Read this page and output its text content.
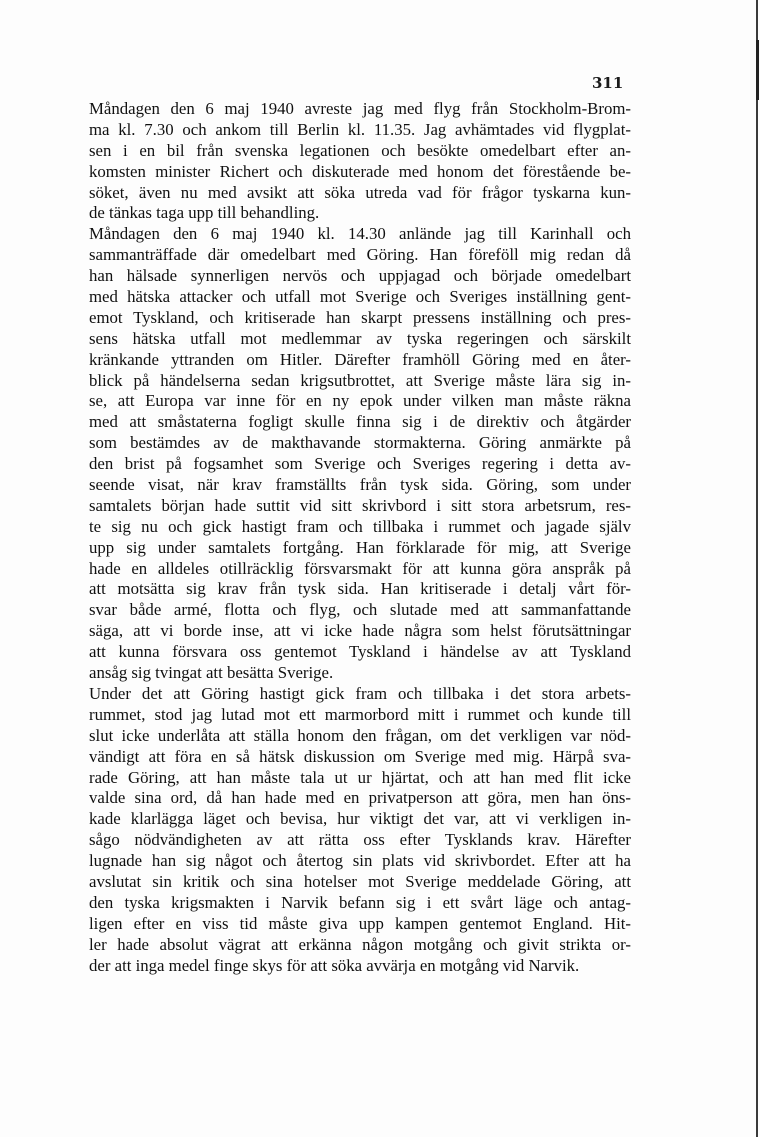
311
Måndagen den 6 maj 1940 avreste jag med flyg från Stockholm-Brom-
ma kl. 7.30 och ankom till Berlin kl. 11.35. Jag avhämtades vid flygplat-
sen i en bil från svenska legationen och besökte omedelbart efter an-
komsten minister Richert och diskuterade med honom det förestående be-
söket, även nu med avsikt att söka utreda vad för frågor tyskarna kun-
de tänkas taga upp till behandling.
Måndagen den 6 maj 1940 kl. 14.30 anlände jag till Karinhall och
sammanträffade där omedelbart med Göring. Han föreföll mig redan då
han hälsade synnerligen nervös och uppjagad och började omedelbart
med hätska attacker och utfall mot Sverige och Sveriges inställning gent-
emot Tyskland, och kritiserade han skarpt pressens inställning och pres-
sens hätska utfall mot medlemmar av tyska regeringen och särskilt
kränkande yttranden om Hitler. Därefter framhöll Göring med en åter-
blick på händelserna sedan krigsutbrottet, att Sverige måste lära sig in-
se, att Europa var inne för en ny epok under vilken man måste räkna
med att småstaterna fogligt skulle finna sig i de direktiv och åtgärder
som bestämdes av de makthavande stormakterna. Göring anmärkte på
den brist på fogsamhet som Sverige och Sveriges regering i detta av-
seende visat, när krav framställts från tysk sida. Göring, som under
samtalets början hade suttit vid sitt skrivbord i sitt stora arbetsrum, res-
te sig nu och gick hastigt fram och tillbaka i rummet och jagade själv
upp sig under samtalets fortgång. Han förklarade för mig, att Sverige
hade en alldeles otillräcklig försvarsmakt för att kunna göra anspråk på
att motsätta sig krav från tysk sida. Han kritiserade i detalj vårt för-
svar både armé, flotta och flyg, och slutade med att sammanfattande
säga, att vi borde inse, att vi icke hade några som helst förutsättningar
att kunna försvara oss gentemot Tyskland i händelse av att Tyskland
ansåg sig tvingat att besätta Sverige.
Under det att Göring hastigt gick fram och tillbaka i det stora arbets-
rummet, stod jag lutad mot ett marmorbord mitt i rummet och kunde till
slut icke underlåta att ställa honom den frågan, om det verkligen var nöd-
vändigt att föra en så hätsk diskussion om Sverige med mig. Härpå sva-
rade Göring, att han måste tala ut ur hjärtat, och att han med flit icke
valde sina ord, då han hade med en privatperson att göra, men han öns-
kade klarlägga läget och bevisa, hur viktigt det var, att vi verkligen in-
sågo nödvändigheten av att rätta oss efter Tysklands krav. Härefter
lugnade han sig något och återtog sin plats vid skrivbordet. Efter att ha
avslutat sin kritik och sina hotelser mot Sverige meddelade Göring, att
den tyska krigsmakten i Narvik befann sig i ett svårt läge och antag-
ligen efter en viss tid måste giva upp kampen gentemot England. Hit-
ler hade absolut vägrat att erkänna någon motgång och givit strikta or-
der att inga medel finge skys för att söka avvärja en motgång vid Narvik.
